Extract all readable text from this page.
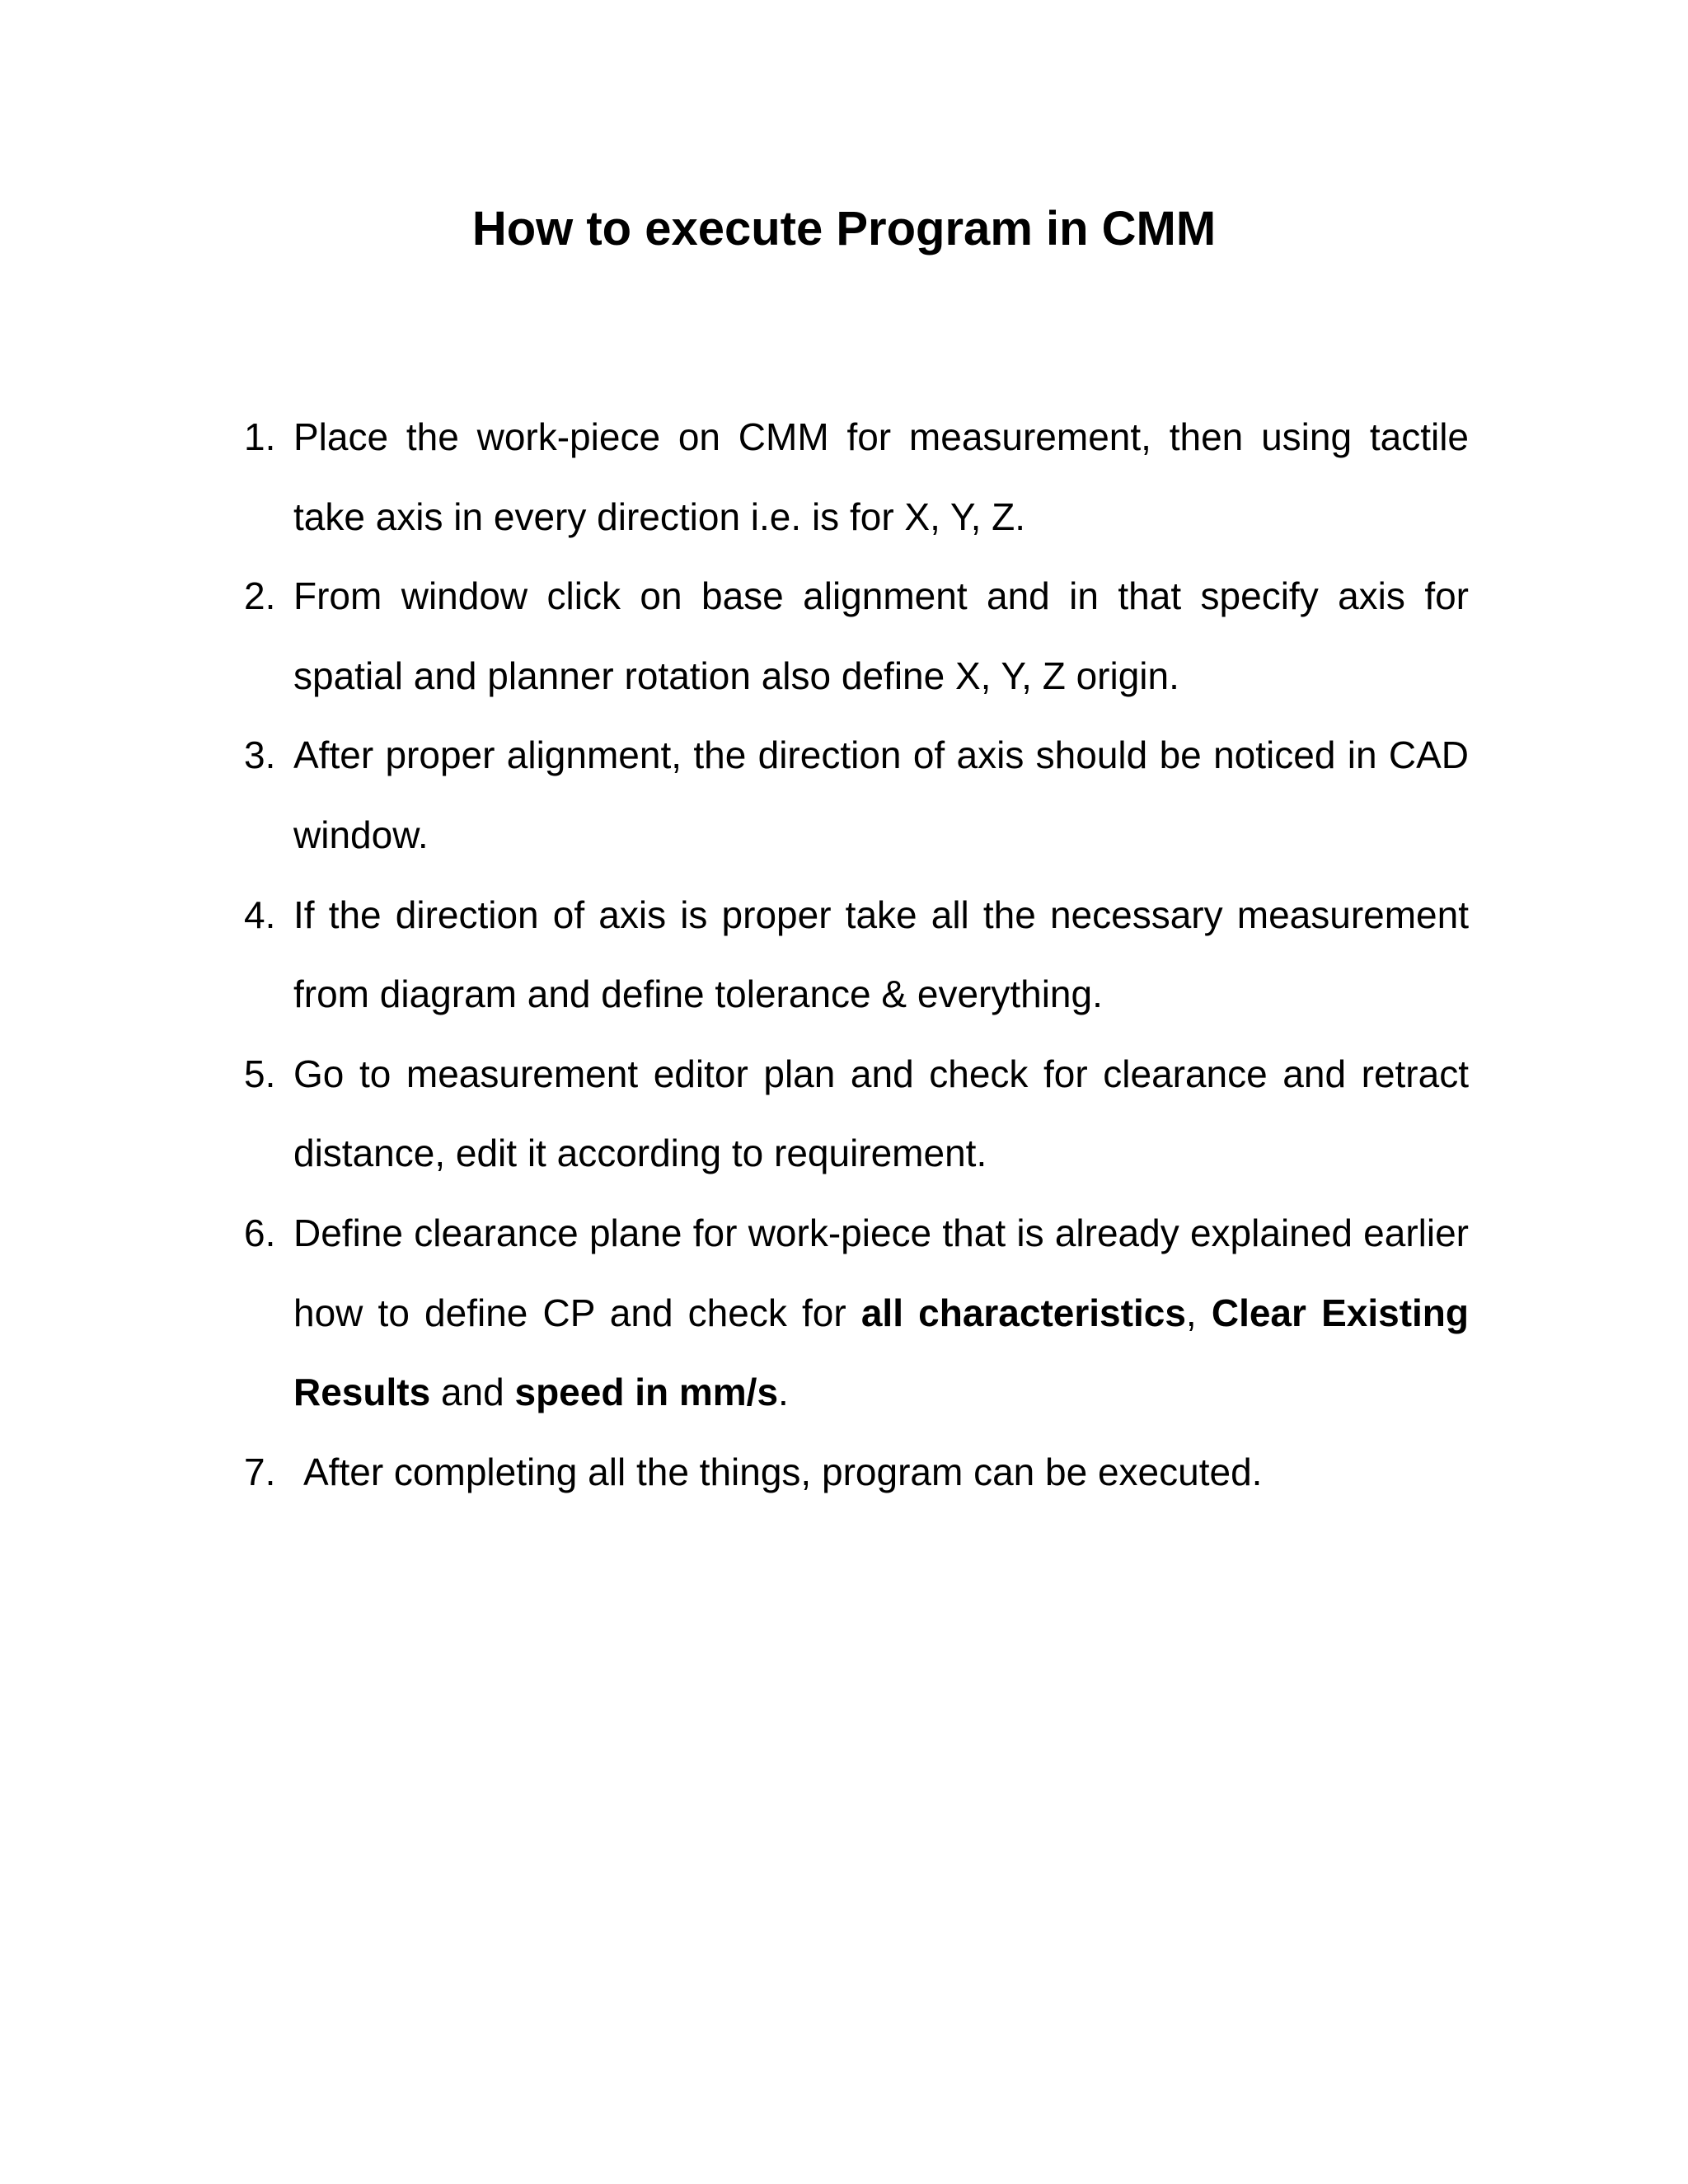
How to execute Program in CMM
1. Place the work-piece on CMM for measurement, then using tactile take axis in every direction i.e. is for X, Y, Z.
2. From window click on base alignment and in that specify axis for spatial and planner rotation also define X, Y, Z origin.
3. After proper alignment, the direction of axis should be noticed in CAD window.
4. If the direction of axis is proper take all the necessary measurement from diagram and define tolerance & everything.
5. Go to measurement editor plan and check for clearance and retract distance, edit it according to requirement.
6. Define clearance plane for work-piece that is already explained earlier how to define CP and check for all characteristics, Clear Existing Results and speed in mm/s.
7. After completing all the things, program can be executed.
